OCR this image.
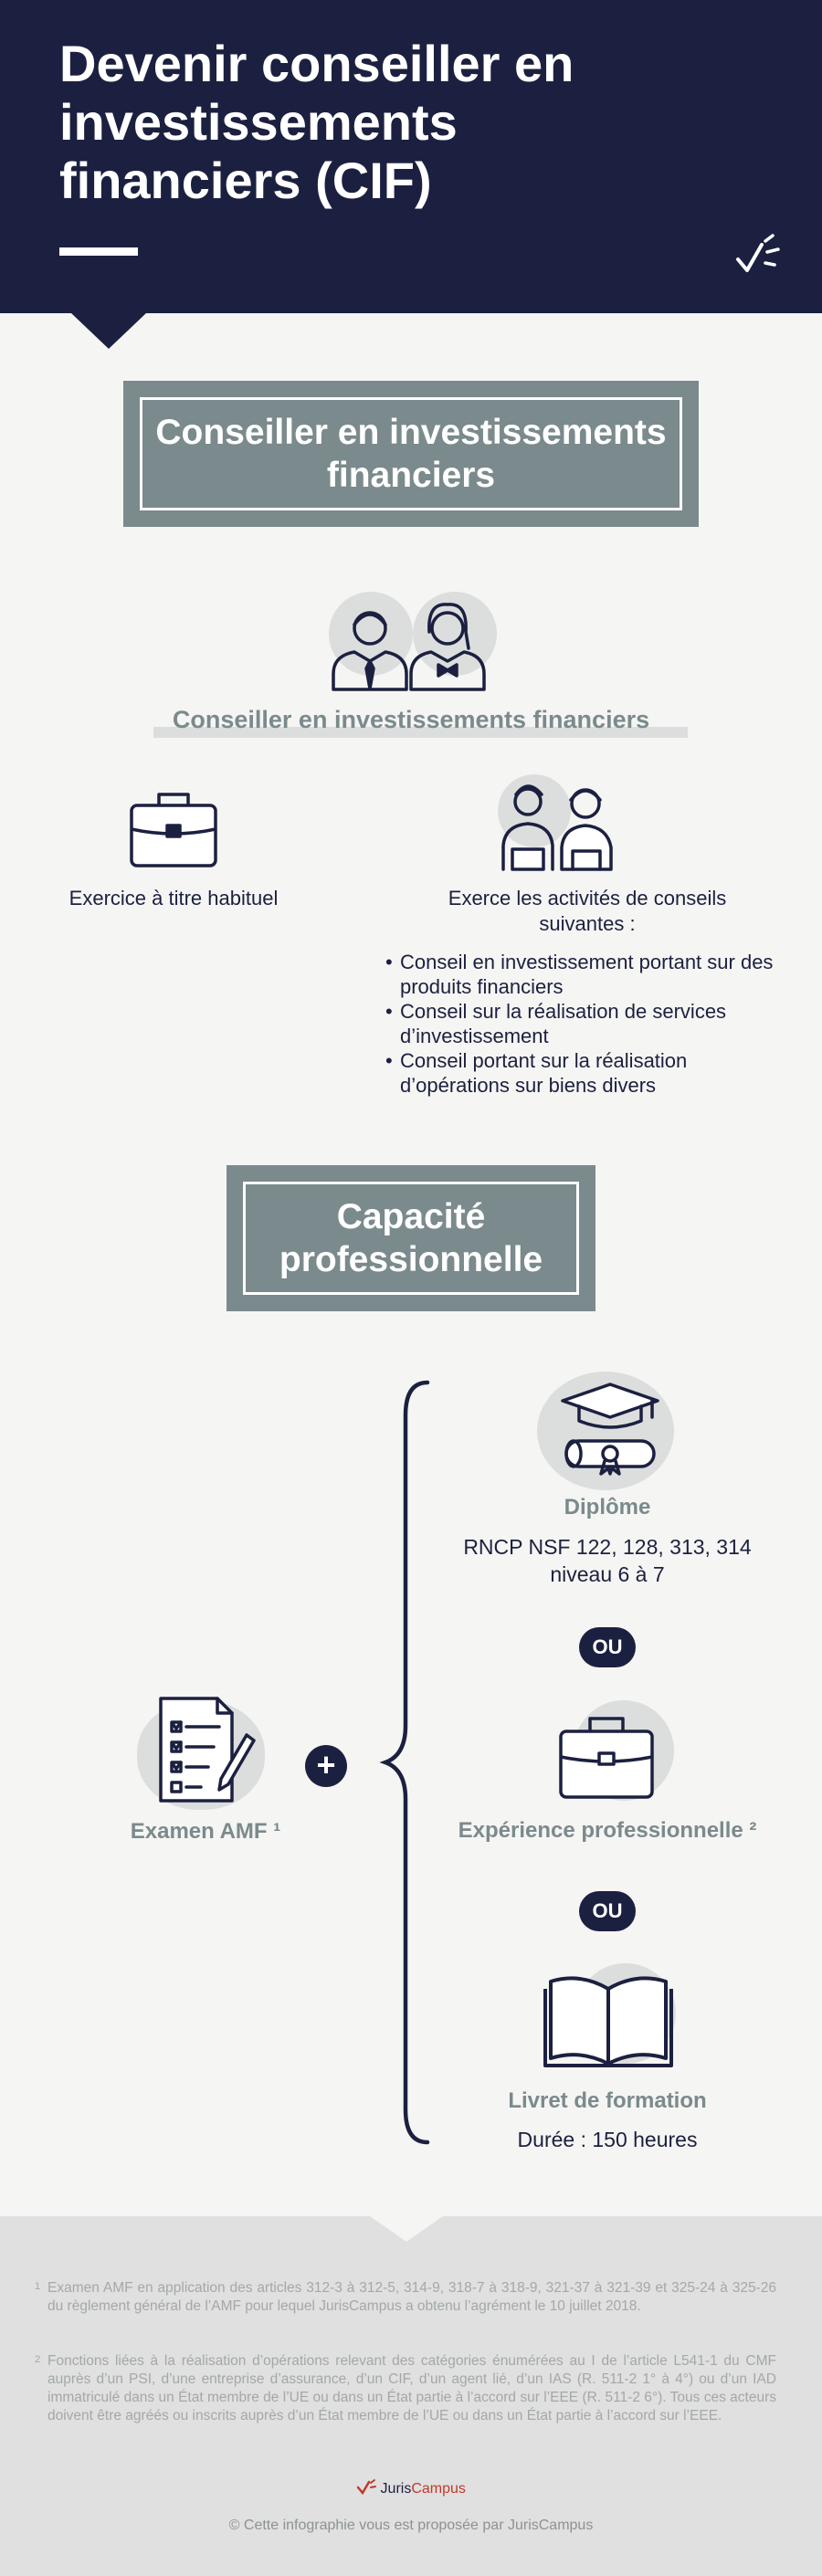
Devenir conseiller en investissements financiers (CIF)
Conseiller en investissements financiers
Conseiller en investissements financiers
Exercice à titre habituel	Exerce les activités de conseils suivantes :
• Conseil en investissement portant sur des produits financiers
• Conseil sur la réalisation de services d’investissement
• Conseil portant sur la réalisation d’opérations sur biens divers
Capacité professionnelle
Examen AMF ¹
+
Diplôme
RNCP NSF 122, 128, 313, 314 niveau 6 à 7
OU
Expérience professionnelle ²
OU
Livret de formation
Durée : 150 heures
1 Examen AMF en application des articles 312-3 à 312-5, 314-9, 318-7 à 318-9, 321-37 à 321-39 et 325-24 à 325-26 du règlement général de l’AMF pour lequel JurisCampus a obtenu l’agrément le 10 juillet 2018.
2 Fonctions liées à la réalisation d’opérations relevant des catégories énumérées au I de l’article L541-1 du CMF auprès d’un PSI, d’une entreprise d’assurance, d’un CIF, d’un agent lié, d’un IAS (R. 511-2 1° à 4°) ou d’un IAD immatriculé dans un État membre de l’UE ou dans un État partie à l’accord sur l’EEE (R. 511-2 6°). Tous ces acteurs doivent être agréés ou inscrits auprès d’un État membre de l’UE ou dans un État partie à l’accord sur l’EEE.
JurisCampus
© Cette infographie vous est proposée par JurisCampus
